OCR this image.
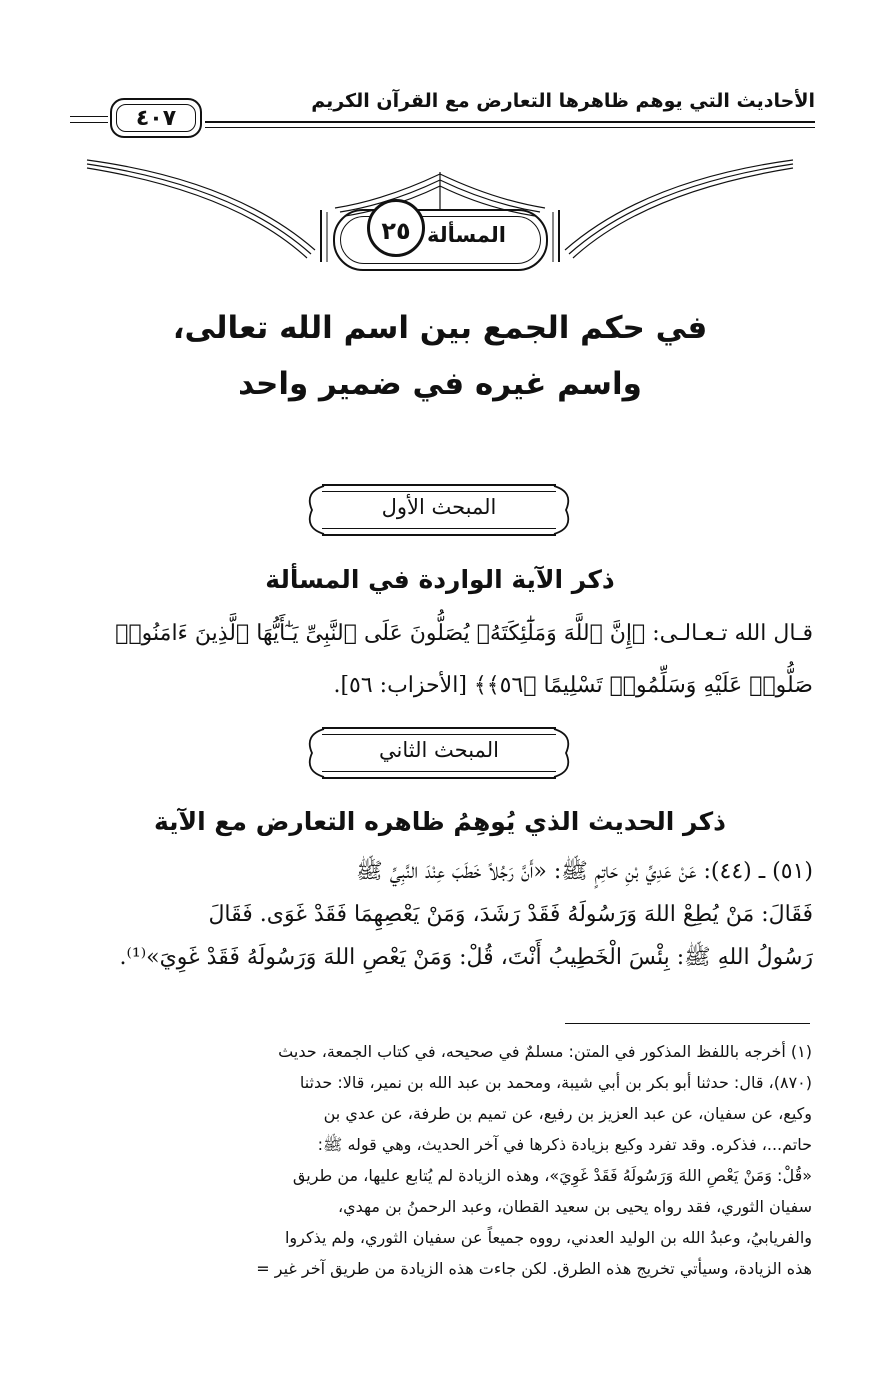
الأحاديث التي يوهم ظاهرها التعارض مع القرآن الكريم
٤٠٧
المسألة
٢٥
في حكم الجمع بين اسم الله تعالى،
واسم غيره في ضمير واحد
المبحث الأول
ذكر الآية الواردة في المسألة
قـال الله تـعـالـى: ﴿إِنَّ ٱللَّهَ وَمَلَٰٓئِكَتَهُۥ يُصَلُّونَ عَلَى ٱلنَّبِىِّ يَـٰٓأَيُّهَا ٱلَّذِينَ ءَامَنُوا۟
صَلُّوا۟ عَلَيْهِ وَسَلِّمُوا۟ تَسْلِيمًا ﴿٥٦﴾﴾ [الأحزاب: ٥٦].
المبحث الثاني
ذكر الحديث الذي يُوهِمُ ظاهره التعارض مع الآية
(٥١) ـ (٤٤): عَنْ عَدِيِّ بْنِ حَاتِمٍ ﷺ: «أَنَّ رَجُلاً خَطَبَ عِنْدَ النَّبِيِّ ﷺ
فَقَالَ: مَنْ يُطِعْ اللهَ وَرَسُولَهُ فَقَدْ رَشَدَ، وَمَنْ يَعْصِهِمَا فَقَدْ غَوَى. فَقَالَ
رَسُولُ اللهِ ﷺ: بِئْسَ الْخَطِيبُ أَنْتَ، قُلْ: وَمَنْ يَعْصِ اللهَ وَرَسُولَهُ فَقَدْ غَوِيَ»⁽¹⁾.
(١) أخرجه باللفظ المذكور في المتن: مسلمٌ في صحيحه، في كتاب الجمعة، حديث
(٨٧٠)، قال: حدثنا أبو بكر بن أبي شيبة، ومحمد بن عبد الله بن نمير، قالا: حدثنا
وكيع، عن سفيان، عن عبد العزيز بن رفيع، عن تميم بن طرفة، عن عدي بن
حاتم...، فذكره. وقد تفرد وكيع بزيادة ذكرها في آخر الحديث، وهي قوله ﷺ:
«قُلْ: وَمَنْ يَعْصِ اللهَ وَرَسُولَهُ فَقَدْ غَوِيَ»، وهذه الزيادة لم يُتابع عليها، من طريق
سفيان الثوري، فقد رواه يحيى بن سعيد القطان، وعبد الرحمنُ بن مهدي،
والفريابيُ، وعبدُ الله بن الوليد العدني، رووه جميعاً عن سفيان الثوري، ولم يذكروا
هذه الزيادة، وسيأتي تخريج هذه الطرق. لكن جاءت هذه الزيادة من طريق آخر غير =
